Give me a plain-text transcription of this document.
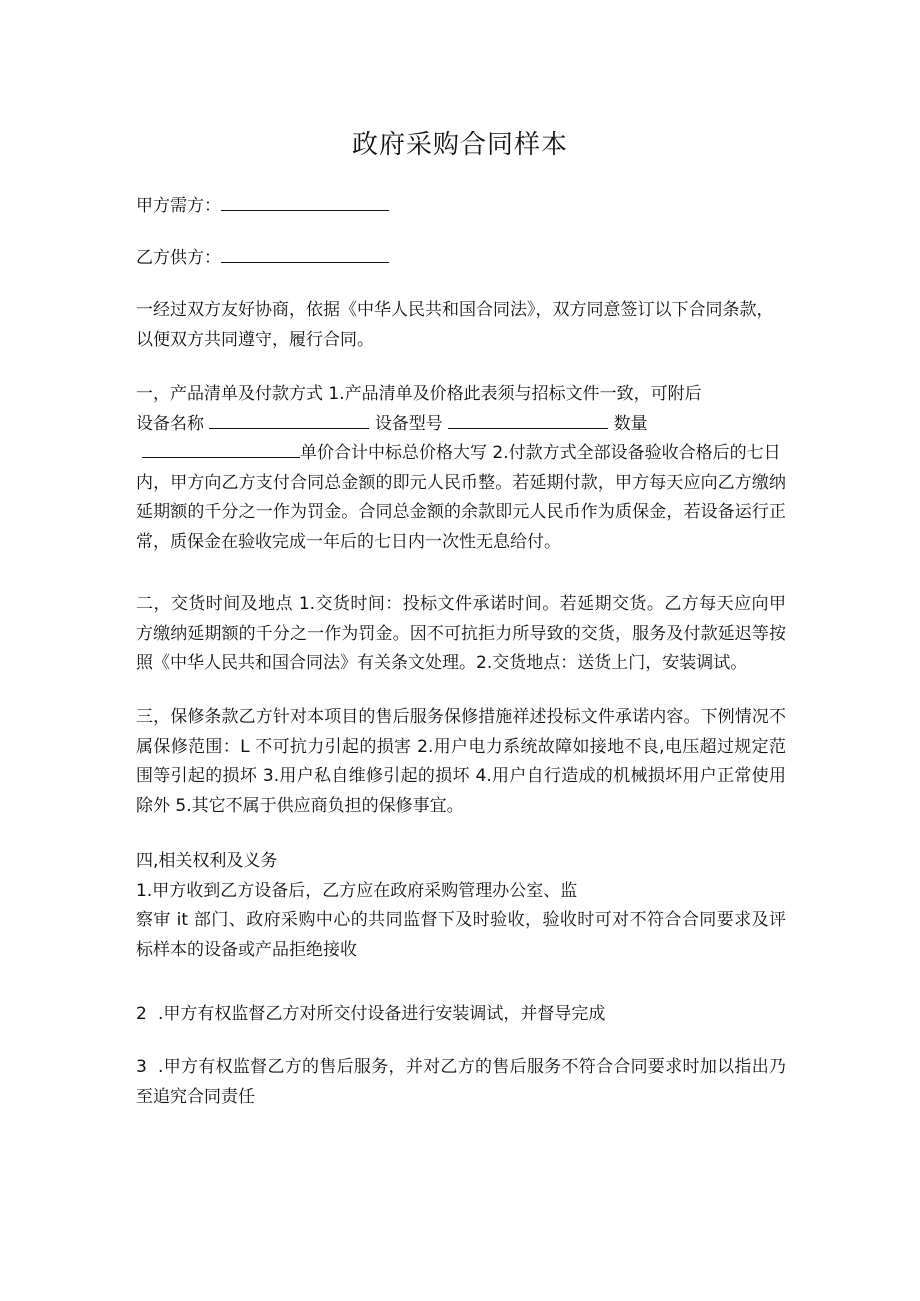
政府采购合同样本
甲方需方：
乙方供方：
一经过双方友好协商，依据《中华人民共和国合同法》，双方同意签订以下合同条款，
以便双方共同遵守，履行合同。
一，产品清单及付款方式 1.产品清单及价格此表须与招标文件一致，可附后
设备名称	设备型号	数量
单价合计中标总价格大写 2.付款方式全部设备验收合格后的七日
内，甲方向乙方支付合同总金额的即元人民币整。若延期付款，甲方每天应向乙方缴纳延期额的千分之一作为罚金。合同总金额的余款即元人民币作为质保金，若设备运行正常，质保金在验收完成一年后的七日内一次性无息给付。
二，交货时间及地点 1.交货时间：投标文件承诺时间。若延期交货。乙方每天应向甲方缴纳延期额的千分之一作为罚金。因不可抗拒力所导致的交货，服务及付款延迟等按照《中华人民共和国合同法》有关条文处理。2.交货地点：送货上门，安装调试。
三，保修条款乙方针对本项目的售后服务保修措施祥述投标文件承诺内容。下例情况不属保修范围：L 不可抗力引起的损害 2.用户电力系统故障如接地不良,电压超过规定范围等引起的损坏 3.用户私自维修引起的损坏 4.用户自行造成的机械损坏用户正常使用除外 5.其它不属于供应商负担的保修事宜。
四,相关权利及义务
1.甲方收到乙方设备后，乙方应在政府采购管理办公室、监
察审 it 部门、政府采购中心的共同监督下及时验收，验收时可对不符合合同要求及评标样本的设备或产品拒绝接收
2 .甲方有权监督乙方对所交付设备进行安装调试，并督导完成
3 .甲方有权监督乙方的售后服务，并对乙方的售后服务不符合合同要求时加以指出乃至追究合同责任
